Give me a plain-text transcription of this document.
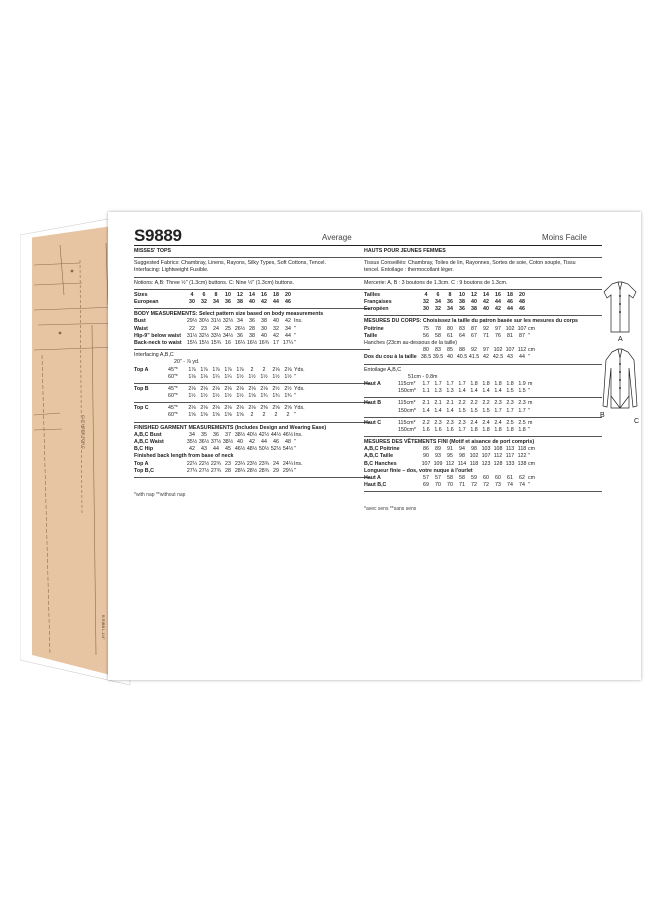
CUT HERE FOR C
B RIBB L 1/4"
S9889	Average	Moins Facile
MISSES' TOPS
Suggested Fabrics: Chambray, Linens, Rayons, Silky Types, Soft Cottons, Tencel.
Interfacing: Lightweight Fusible.
Notions: A,B: Three ½" (1.3cm) buttons. C: Nine ½" (1.3cm) buttons.
Sizes	4	6	8	10	12	14	16	18	20
European	30	32	34	36	38	40	42	44	46
BODY MEASUREMENTS: Select pattern size based on body measurements
Bust	29½ 30½ 31½ 32½ 34	36	38	40	42 Ins.
Waist	22	23	24	25 26½ 28	30	32	34 "
Hip-9" below waist	31½ 32½ 33½ 34½ 36	38	40	42	44 "
Back-neck to waist 15¼ 15½ 15¾ 16 16¼ 16½ 16¾ 17 17¼ "
Interfacing A,B,C
20" - ⅞ yd.
Top A	45"*	1⅞ 1⅞ 1⅞ 1⅞ 1⅞	2	2	2⅛ 2⅛ Yds.
60"*	1⅛ 1⅛ 1¼ 1¼ 1½ 1½ 1½ 1½ 1½ "
Top B	45"*	2⅛ 2⅛ 2⅛ 2⅛ 2⅛ 2⅛ 2⅛ 2½ 2½ Yds.
60"*	1½ 1½ 1½ 1½ 1½ 1⅝ 1¾ 1¾ 1¾ "
Top C	45"*	2⅛ 2⅛ 2⅛ 2⅛ 2⅛ 2⅛ 2⅜ 2⅝ 2⅝ Yds.
60"*	1⅝ 1⅝ 1⅝ 1⅝ 1⅝	2	2	2	2 "
FINISHED GARMENT MEASUREMENTS (Includes Design and Wearing Ease)
A,B,C Bust	34	35	36	37 38½ 40½ 42½ 44½ 46½ Ins.
A,B,C Waist	35½ 36½ 37½ 38½ 40	42	44	46	48 "
B,C Hip	42	43	44	45 46½ 48½ 50½ 52½ 54½ "
Finished back length from base of neck
Top A	22¼ 22½ 22¾ 23 23¼ 23½ 23¾ 24 24¼ Ins.
Top B,C	27¼ 27½ 27¾ 28 28¼ 28½ 28¾ 29 29¼ "
*with nap **without nap
HAUTS POUR JEUNES FEMMES
Tissus Conseillés: Chambray, Toiles de lin, Rayonnes, Sortes de soie, Coton souple, Tissu
tencel. Entoilage : thermocollant léger.
Mercerie: A, B : 3 boutons de 1.3cm. C : 9 boutons de 1.3cm.
Tailles	4	6	8	10	12	14	16	18	20
Françaises	32	34	36	38	40	42	44	46	48
Européen	30	32	34	36	38	40	42	44	46
MESURES DU CORPS: Choisissez la taille du patron basée sur les mesures du corps
Poitrine	75	78	80	83	87	92	97 102 107 cm
Taille	56	58	61	64	67	71	76	81	87 "
Hanches (23cm au-dessous de la taille)
80	83	85	88	92	97 102 107 112 cm
Dos du cou à la taille 38.5 39.5 40 40.5 41.5 42 42.5 43	44 "
Entoilage A,B,C
51cm - 0.8m
Haut A	115cm*	1.7 1.7 1.7 1.7 1.8 1.8 1.8 1.8 1.9 m
150cm*	1.1 1.3 1.3 1.4 1.4 1.4 1.4 1.5 1.5 "
Haut B	115cm*	2.1 2.1 2.1 2.2 2.2 2.2 2.3 2.3 2.3 m
150cm*	1.4 1.4 1.4 1.5 1.5 1.5 1.7 1.7 1.7 "
Haut C	115cm*	2.2 2.3 2.3 2.3 2.4 2.4 2.4 2.5 2.5 m
150cm*	1.6 1.6 1.6 1.7 1.8 1.8 1.8 1.8 1.8 "
MESURES DES VÊTEMENTS FINI (Motif et aisance de port compris)
A,B,C Poitrine	86	89	91	94	98 103 108 113 118 cm
A,B,C Taille	90	93	95	98 102 107 112 117 122 "
B,C Hanches	107 109 112 114 118 123 128 133 138 cm
Longueur finie – dos, votre nuque à l'ourlet
Haut A	57	57	58	58	59	60	60	61	62 cm
Haut B,C	69	70	70	71	72	72	73	74	74 "
*avec sens **sans sens
A
B
C
